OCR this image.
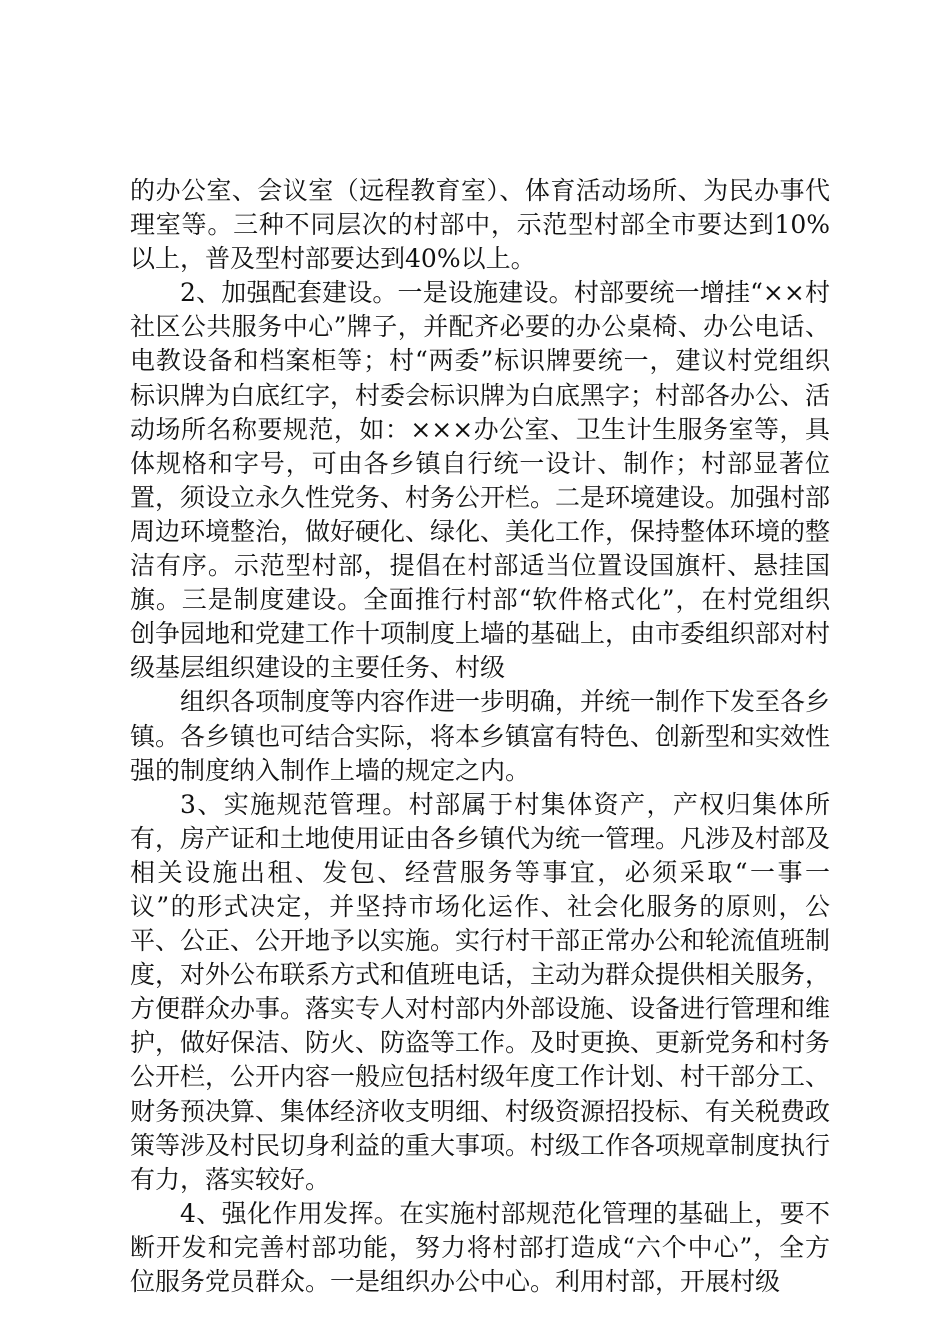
的办公室、会议室（远程教育室）、体育活动场所、为民办事代理室等。三种不同层次的村部中，示范型村部全市要达到10%以上，普及型村部要达到40%以上。

2、加强配套建设。一是设施建设。村部要统一增挂“××村社区公共服务中心”牌子，并配齐必要的办公桌椅、办公电话、电教设备和档案柜等；村“两委”标识牌要统一，建议村党组织标识牌为白底红字，村委会标识牌为白底黑字；村部各办公、活动场所名称要规范，如：×××办公室、卫生计生服务室等，具体规格和字号，可由各乡镇自行统一设计、制作；村部显著位置，须设立永久性党务、村务公开栏。二是环境建设。加强村部周边环境整治，做好硬化、绿化、美化工作，保持整体环境的整洁有序。示范型村部，提倡在村部适当位置设国旗杆、悬挂国旗。三是制度建设。全面推行村部“软件格式化”，在村党组织创争园地和党建工作十项制度上墙的基础上，由市委组织部对村级基层组织建设的主要任务、村级

组织各项制度等内容作进一步明确，并统一制作下发至各乡镇。各乡镇也可结合实际，将本乡镇富有特色、创新型和实效性强的制度纳入制作上墙的规定之内。

3、实施规范管理。村部属于村集体资产，产权归集体所有，房产证和土地使用证由各乡镇代为统一管理。凡涉及村部及相关设施出租、发包、经营服务等事宜，必须采取“一事一议”的形式决定，并坚持市场化运作、社会化服务的原则，公平、公正、公开地予以实施。实行村干部正常办公和轮流值班制度，对外公布联系方式和值班电话，主动为群众提供相关服务，方便群众办事。落实专人对村部内外部设施、设备进行管理和维护，做好保洁、防火、防盗等工作。及时更换、更新党务和村务公开栏，公开内容一般应包括村级年度工作计划、村干部分工、财务预决算、集体经济收支明细、村级资源招投标、有关税费政策等涉及村民切身利益的重大事项。村级工作各项规章制度执行有力，落实较好。

4、强化作用发挥。在实施村部规范化管理的基础上，要不断开发和完善村部功能，努力将村部打造成“六个中心”，全方位服务党员群众。一是组织办公中心。利用村部，开展村级
